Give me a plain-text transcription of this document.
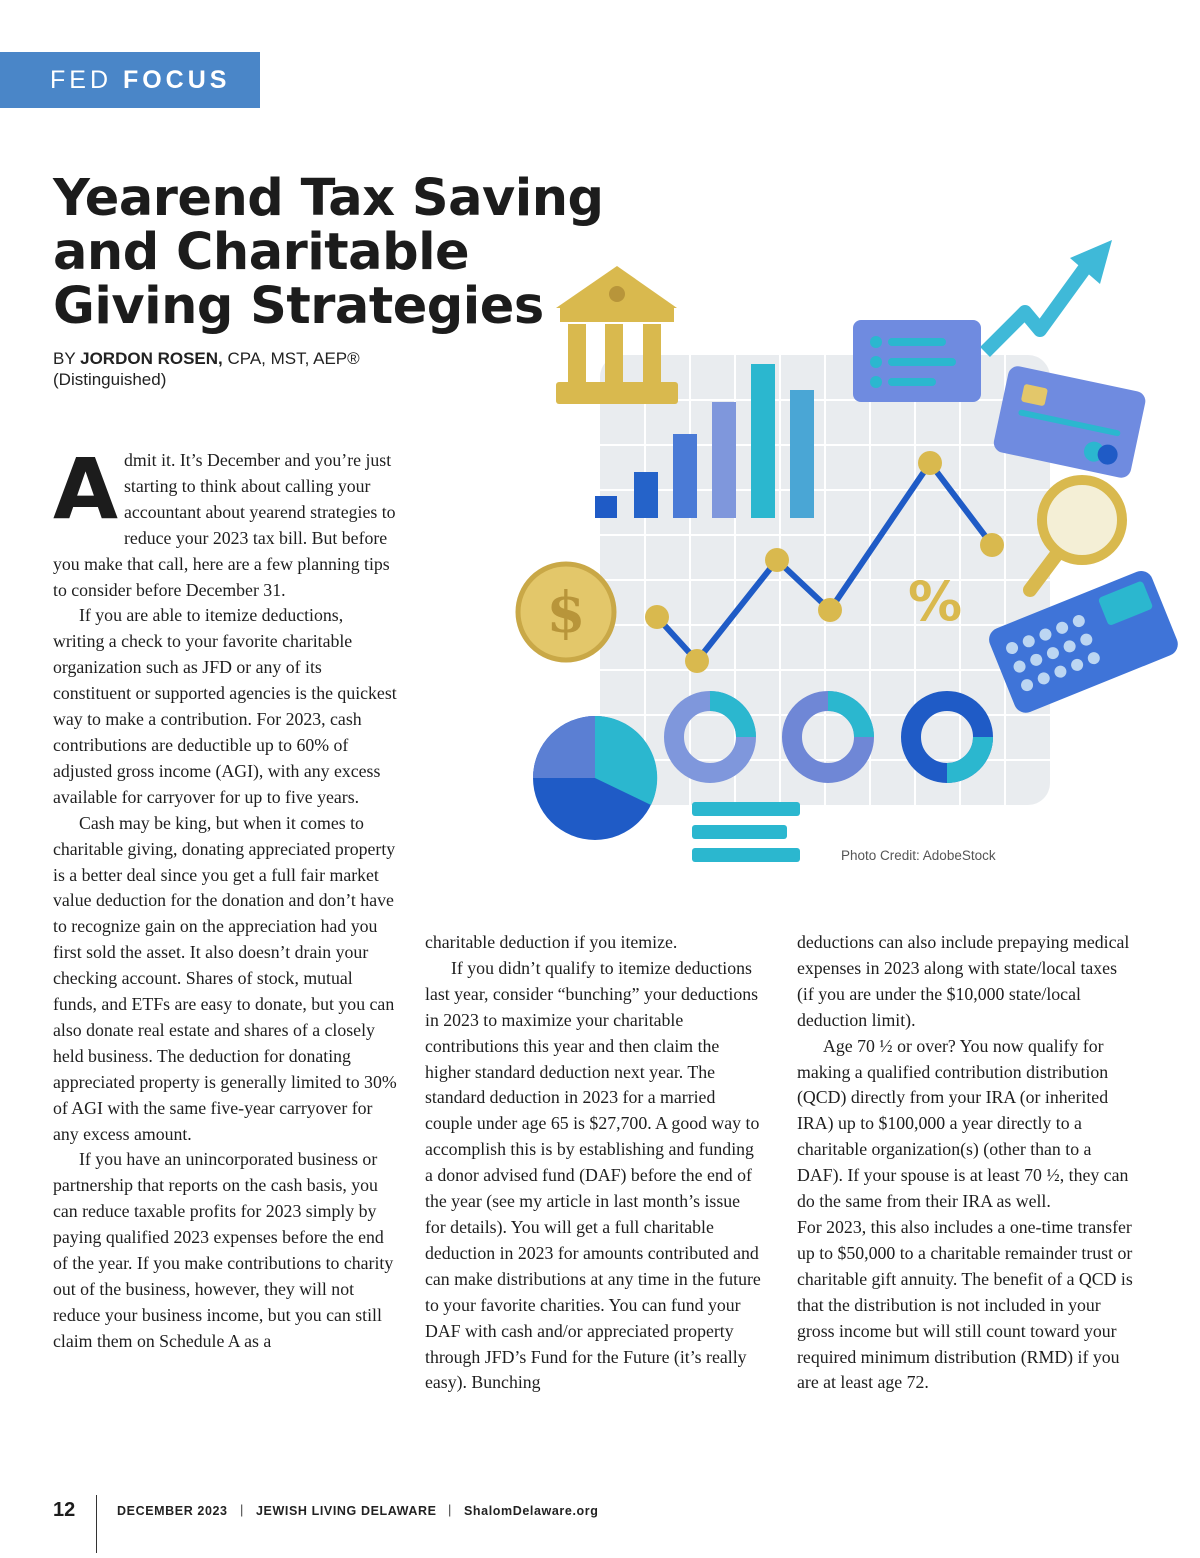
FED FOCUS
Yearend Tax Saving
and Charitable
Giving Strategies
BY JORDON ROSEN, CPA, MST, AEP®
(Distinguished)

Admit it. It’s December and you’re just starting to think about calling your accountant about yearend strategies to reduce your 2023 tax bill. But before you make that call, here are a few planning tips to consider before December 31.

If you are able to itemize deductions, writing a check to your favorite charitable organization such as JFD or any of its constituent or supported agencies is the quickest way to make a contribution. For 2023, cash contributions are deductible up to 60% of adjusted gross income (AGI), with any excess available for carryover for up to five years.

Cash may be king, but when it comes to charitable giving, donating appreciated property is a better deal since you get a full fair market value deduction for the donation and don’t have to recognize gain on the appreciation had you first sold the asset. It also doesn’t drain your checking account. Shares of stock, mutual funds, and ETFs are easy to donate, but you can also donate real estate and shares of a closely held business. The deduction for donating appreciated property is generally limited to 30% of AGI with the same five-year carryover for any excess amount.

If you have an unincorporated business or partnership that reports on the cash basis, you can reduce taxable profits for 2023 simply by paying qualified 2023 expenses before the end of the year. If you make contributions to charity out of the business, however, they will not reduce your business income, but you can still claim them on Schedule A as a

charitable deduction if you itemize.

If you didn’t qualify to itemize deductions last year, consider “bunching” your deductions in 2023 to maximize your charitable contributions this year and then claim the higher standard deduction next year. The standard deduction in 2023 for a married couple under age 65 is $27,700. A good way to accomplish this is by establishing and funding a donor advised fund (DAF) before the end of the year (see my article in last month’s issue for details). You will get a full charitable deduction in 2023 for amounts contributed and can make distributions at any time in the future to your favorite charities. You can fund your DAF with cash and/or appreciated property through JFD’s Fund for the Future (it’s really easy). Bunching

deductions can also include prepaying medical expenses in 2023 along with state/local taxes (if you are under the $10,000 state/local deduction limit).

Age 70 ½ or over? You now qualify for making a qualified contribution distribution (QCD) directly from your IRA (or inherited IRA) up to $100,000 a year directly to a charitable organization(s) (other than to a DAF). If your spouse is at least 70 ½, they can do the same from their IRA as well.

For 2023, this also includes a one-time transfer up to $50,000 to a charitable remainder trust or charitable gift annuity. The benefit of a QCD is that the distribution is not included in your gross income but will still count toward your required minimum distribution (RMD) if you are at least age 72.

%
$
Photo Credit: AdobeStock
12	DECEMBER 2023 | JEWISH LIVING DELAWARE | ShalomDelaware.org
